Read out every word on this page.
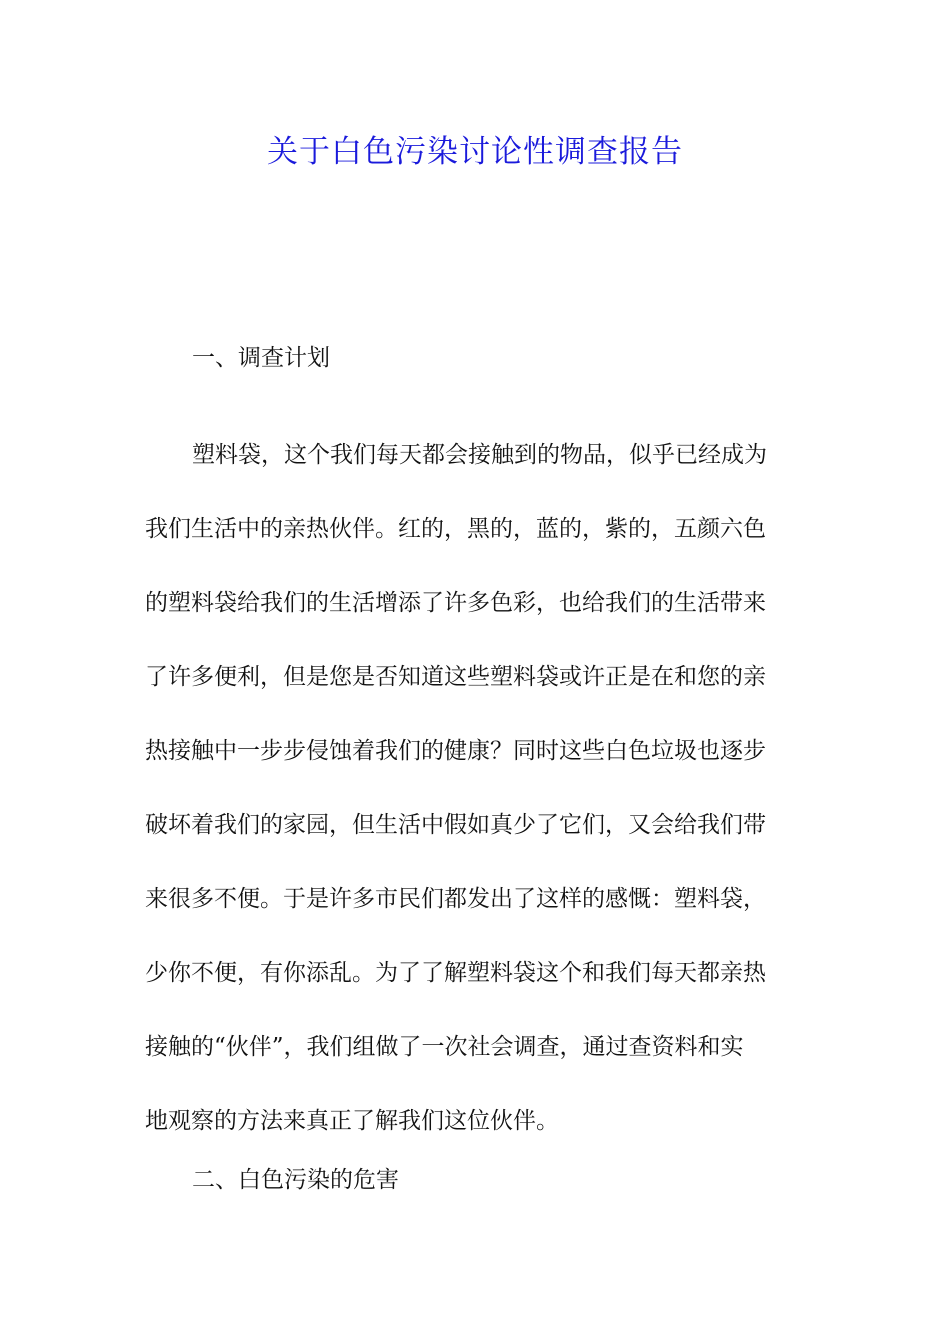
关于白色污染讨论性调查报告

一、调查计划

塑料袋，这个我们每天都会接触到的物品，似乎已经成为
我们生活中的亲热伙伴。红的，黑的，蓝的，紫的，五颜六色
的塑料袋给我们的生活增添了许多色彩，也给我们的生活带来
了许多便利，但是您是否知道这些塑料袋或许正是在和您的亲
热接触中一步步侵蚀着我们的健康？同时这些白色垃圾也逐步
破坏着我们的家园，但生活中假如真少了它们，又会给我们带
来很多不便。于是许多市民们都发出了这样的感慨：塑料袋，
少你不便，有你添乱。为了了解塑料袋这个和我们每天都亲热
接触的“伙伴”，我们组做了一次社会调查，通过查资料和实
地观察的方法来真正了解我们这位伙伴。

二、白色污染的危害
